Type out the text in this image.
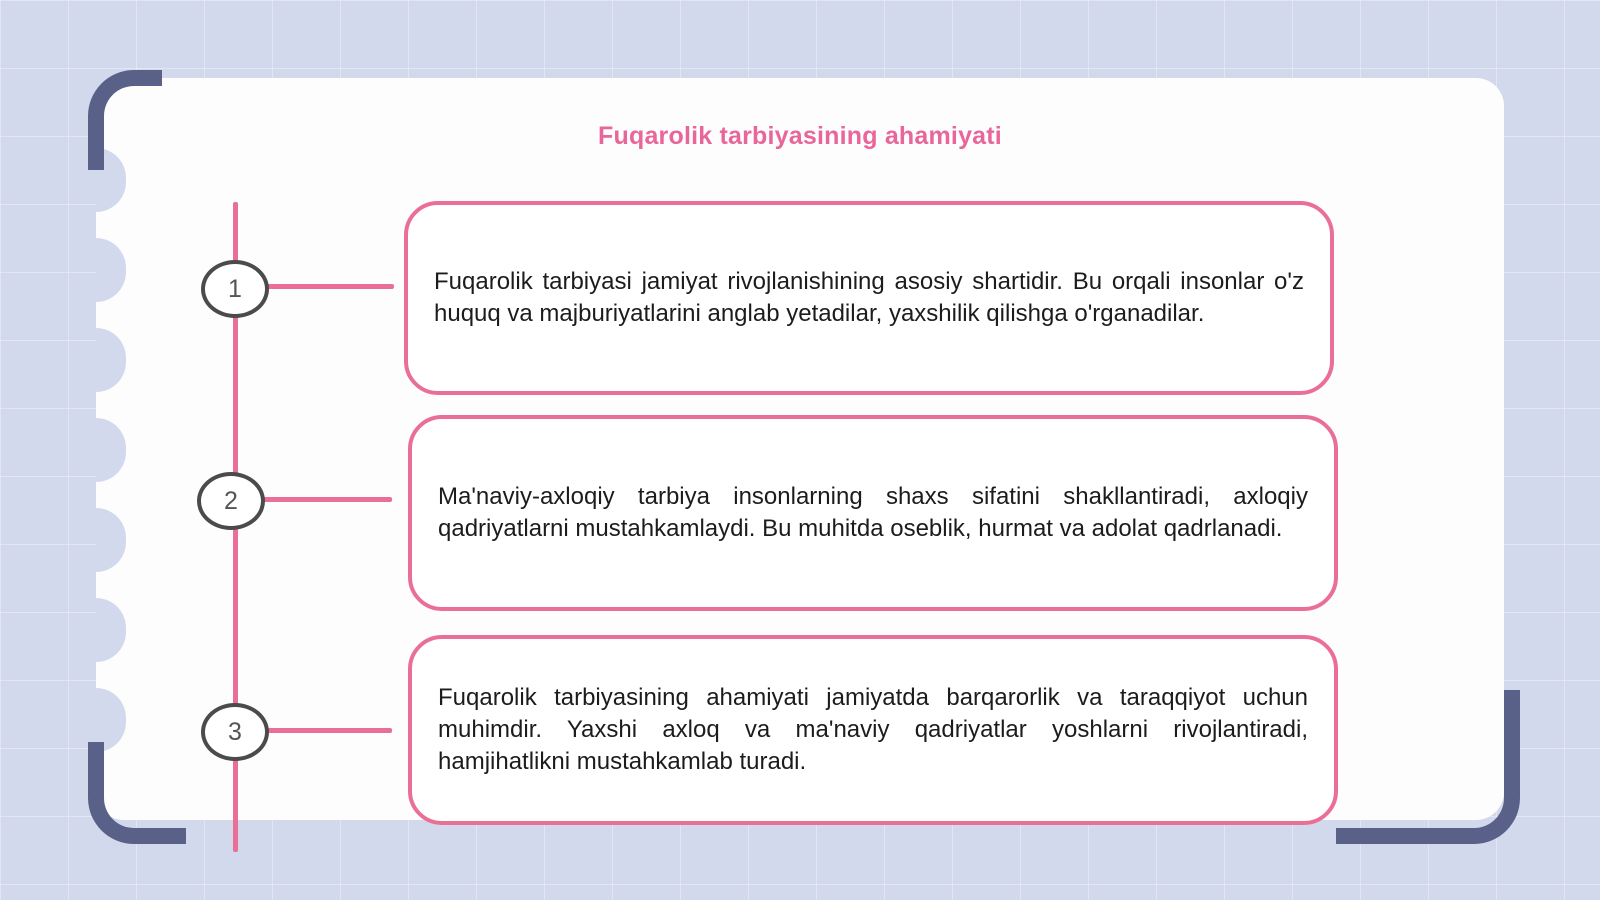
Fuqarolik tarbiyasining ahamiyati
1
2
3

Fuqarolik tarbiyasi jamiyat rivojlanishining asosiy shartidir. Bu orqali insonlar o'z huquq va majburiyatlarini anglab yetadilar, yaxshilik qilishga o'rganadilar.

Ma'naviy-axloqiy tarbiya insonlarning shaxs sifatini shakllantiradi, axloqiy qadriyatlarni mustahkamlaydi. Bu muhitda oseblik, hurmat va adolat qadrlanadi.

Fuqarolik tarbiyasining ahamiyati jamiyatda barqarorlik va taraqqiyot uchun muhimdir. Yaxshi axloq va ma'naviy qadriyatlar yoshlarni rivojlantiradi, hamjihatlikni mustahkamlab turadi.
